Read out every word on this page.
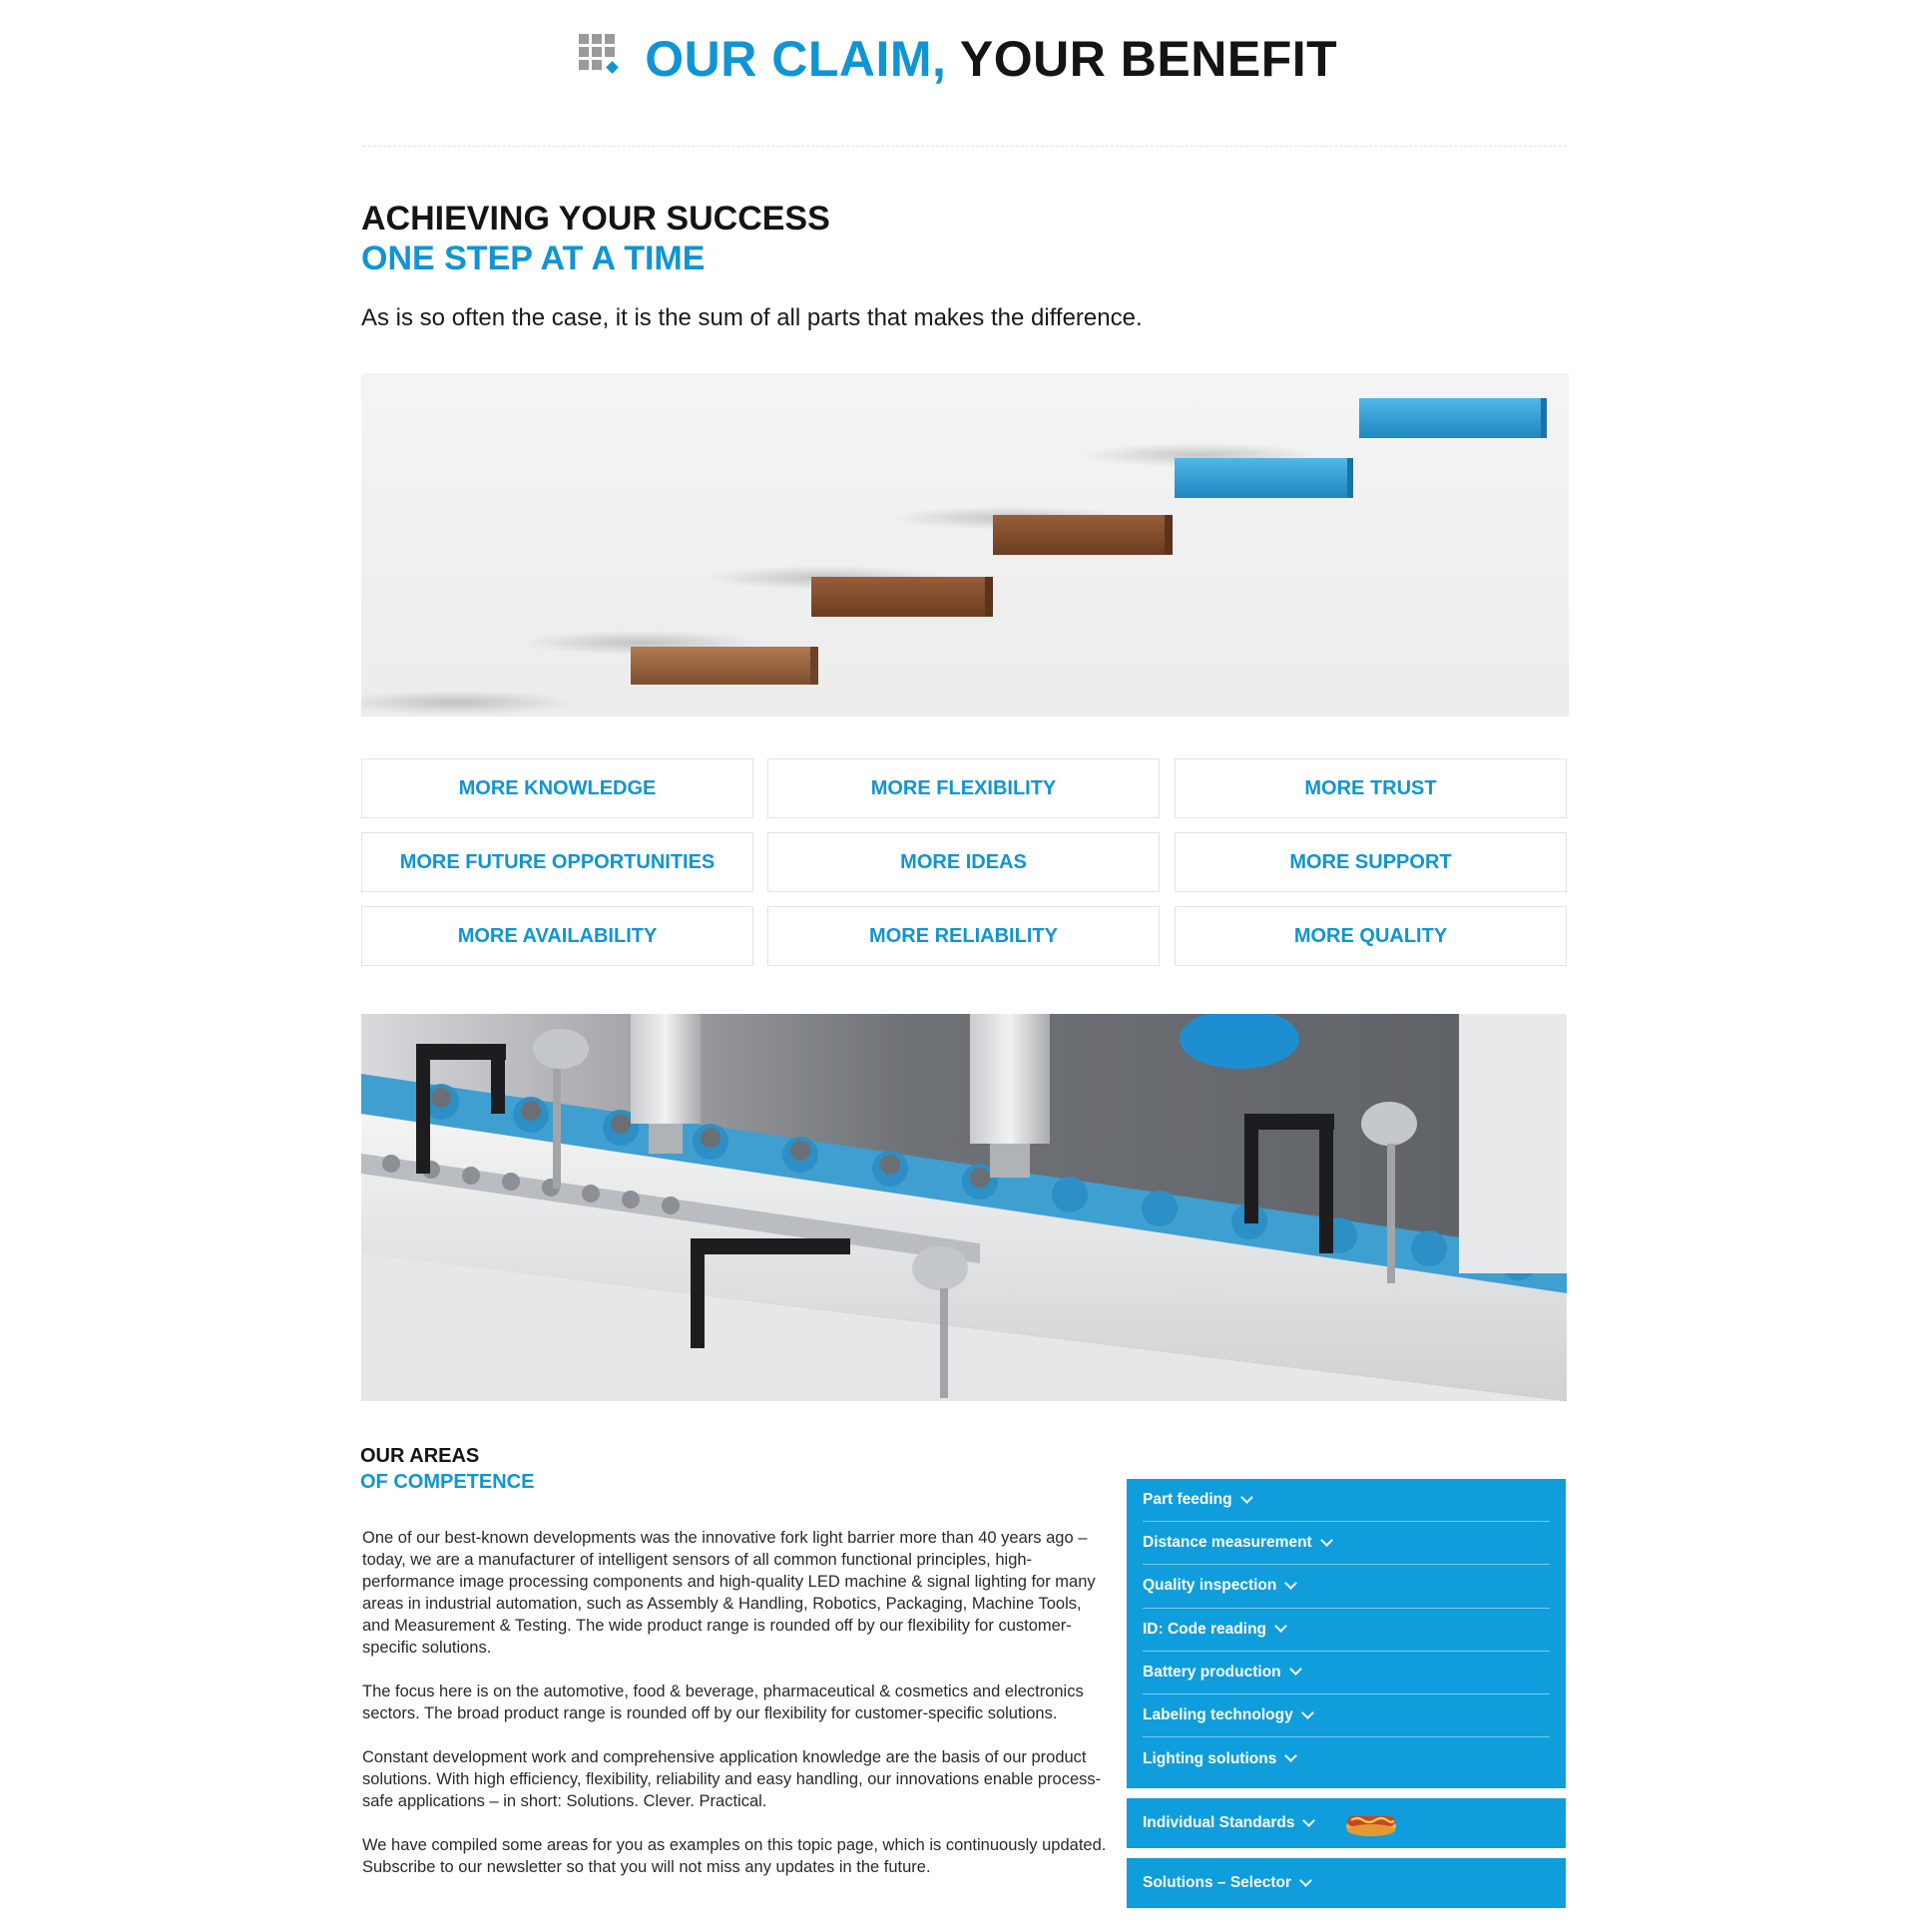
OUR CLAIM, YOUR BENEFIT
ACHIEVING YOUR SUCCESS
ONE STEP AT A TIME
As is so often the case, it is the sum of all parts that makes the difference.
MORE KNOWLEDGE	MORE FLEXIBILITY	MORE TRUST
MORE FUTURE OPPORTUNITIES	MORE IDEAS	MORE SUPPORT
MORE AVAILABILITY	MORE RELIABILITY	MORE QUALITY
OUR AREAS
OF COMPETENCE

One of our best-known developments was the innovative fork light barrier more than 40 years ago – today, we are a manufacturer of intelligent sensors of all common functional principles, high-performance image processing components and high-quality LED machine & signal lighting for many areas in industrial automation, such as Assembly & Handling, Robotics, Packaging, Machine Tools, and Measurement & Testing. The wide product range is rounded off by our flexibility for customer-specific solutions.

The focus here is on the automotive, food & beverage, pharmaceutical & cosmetics and electronics sectors. The broad product range is rounded off by our flexibility for customer-specific solutions.

Constant development work and comprehensive application knowledge are the basis of our product solutions. With high efficiency, flexibility, reliability and easy handling, our innovations enable process-safe applications – in short: Solutions. Clever. Practical.

We have compiled some areas for you as examples on this topic page, which is continuously updated. Subscribe to our newsletter so that you will not miss any updates in the future.

Part feeding
Distance measurement
Quality inspection
ID: Code reading
Battery production
Labeling technology
Lighting solutions
Individual Standards
Solutions – Selector
